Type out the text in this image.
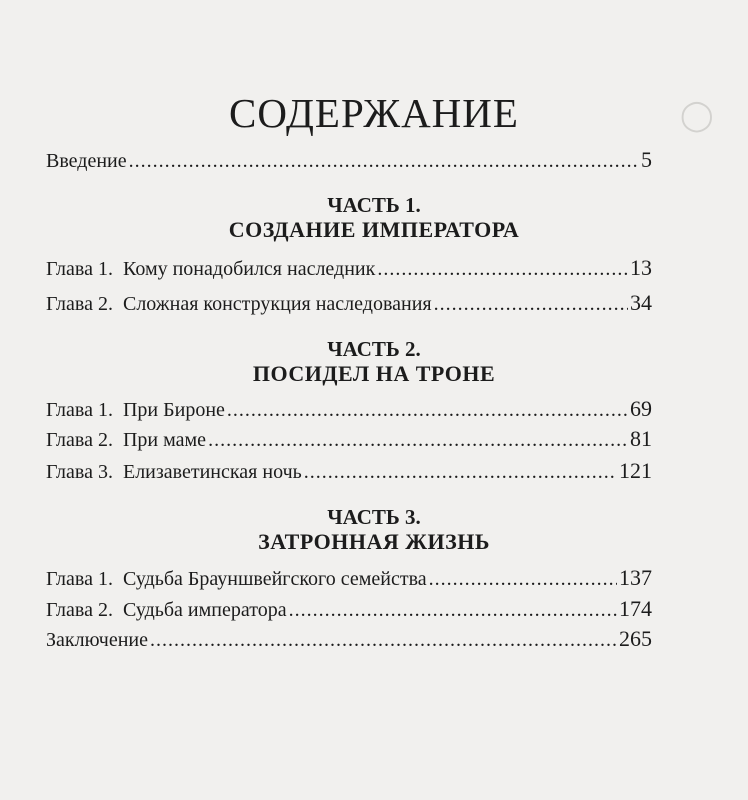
◯
СОДЕРЖАНИЕ
Введение .....	5
ЧАСТЬ 1.
СОЗДАНИЕ ИМПЕРАТОРА
Глава 1. Кому понадобился наследник .....	13
Глава 2. Сложная конструкция наследования .....	34
ЧАСТЬ 2.
ПОСИДЕЛ НА ТРОНЕ
Глава 1. При Бироне .....	69
Глава 2. При маме .....	81
Глава 3. Елизаветинская ночь .....	121
ЧАСТЬ 3.
ЗАТРОННАЯ ЖИЗНЬ
Глава 1. Судьба Брауншвейгского семейства .....	137
Глава 2. Судьба императора .....	174
Заключение .....	265
